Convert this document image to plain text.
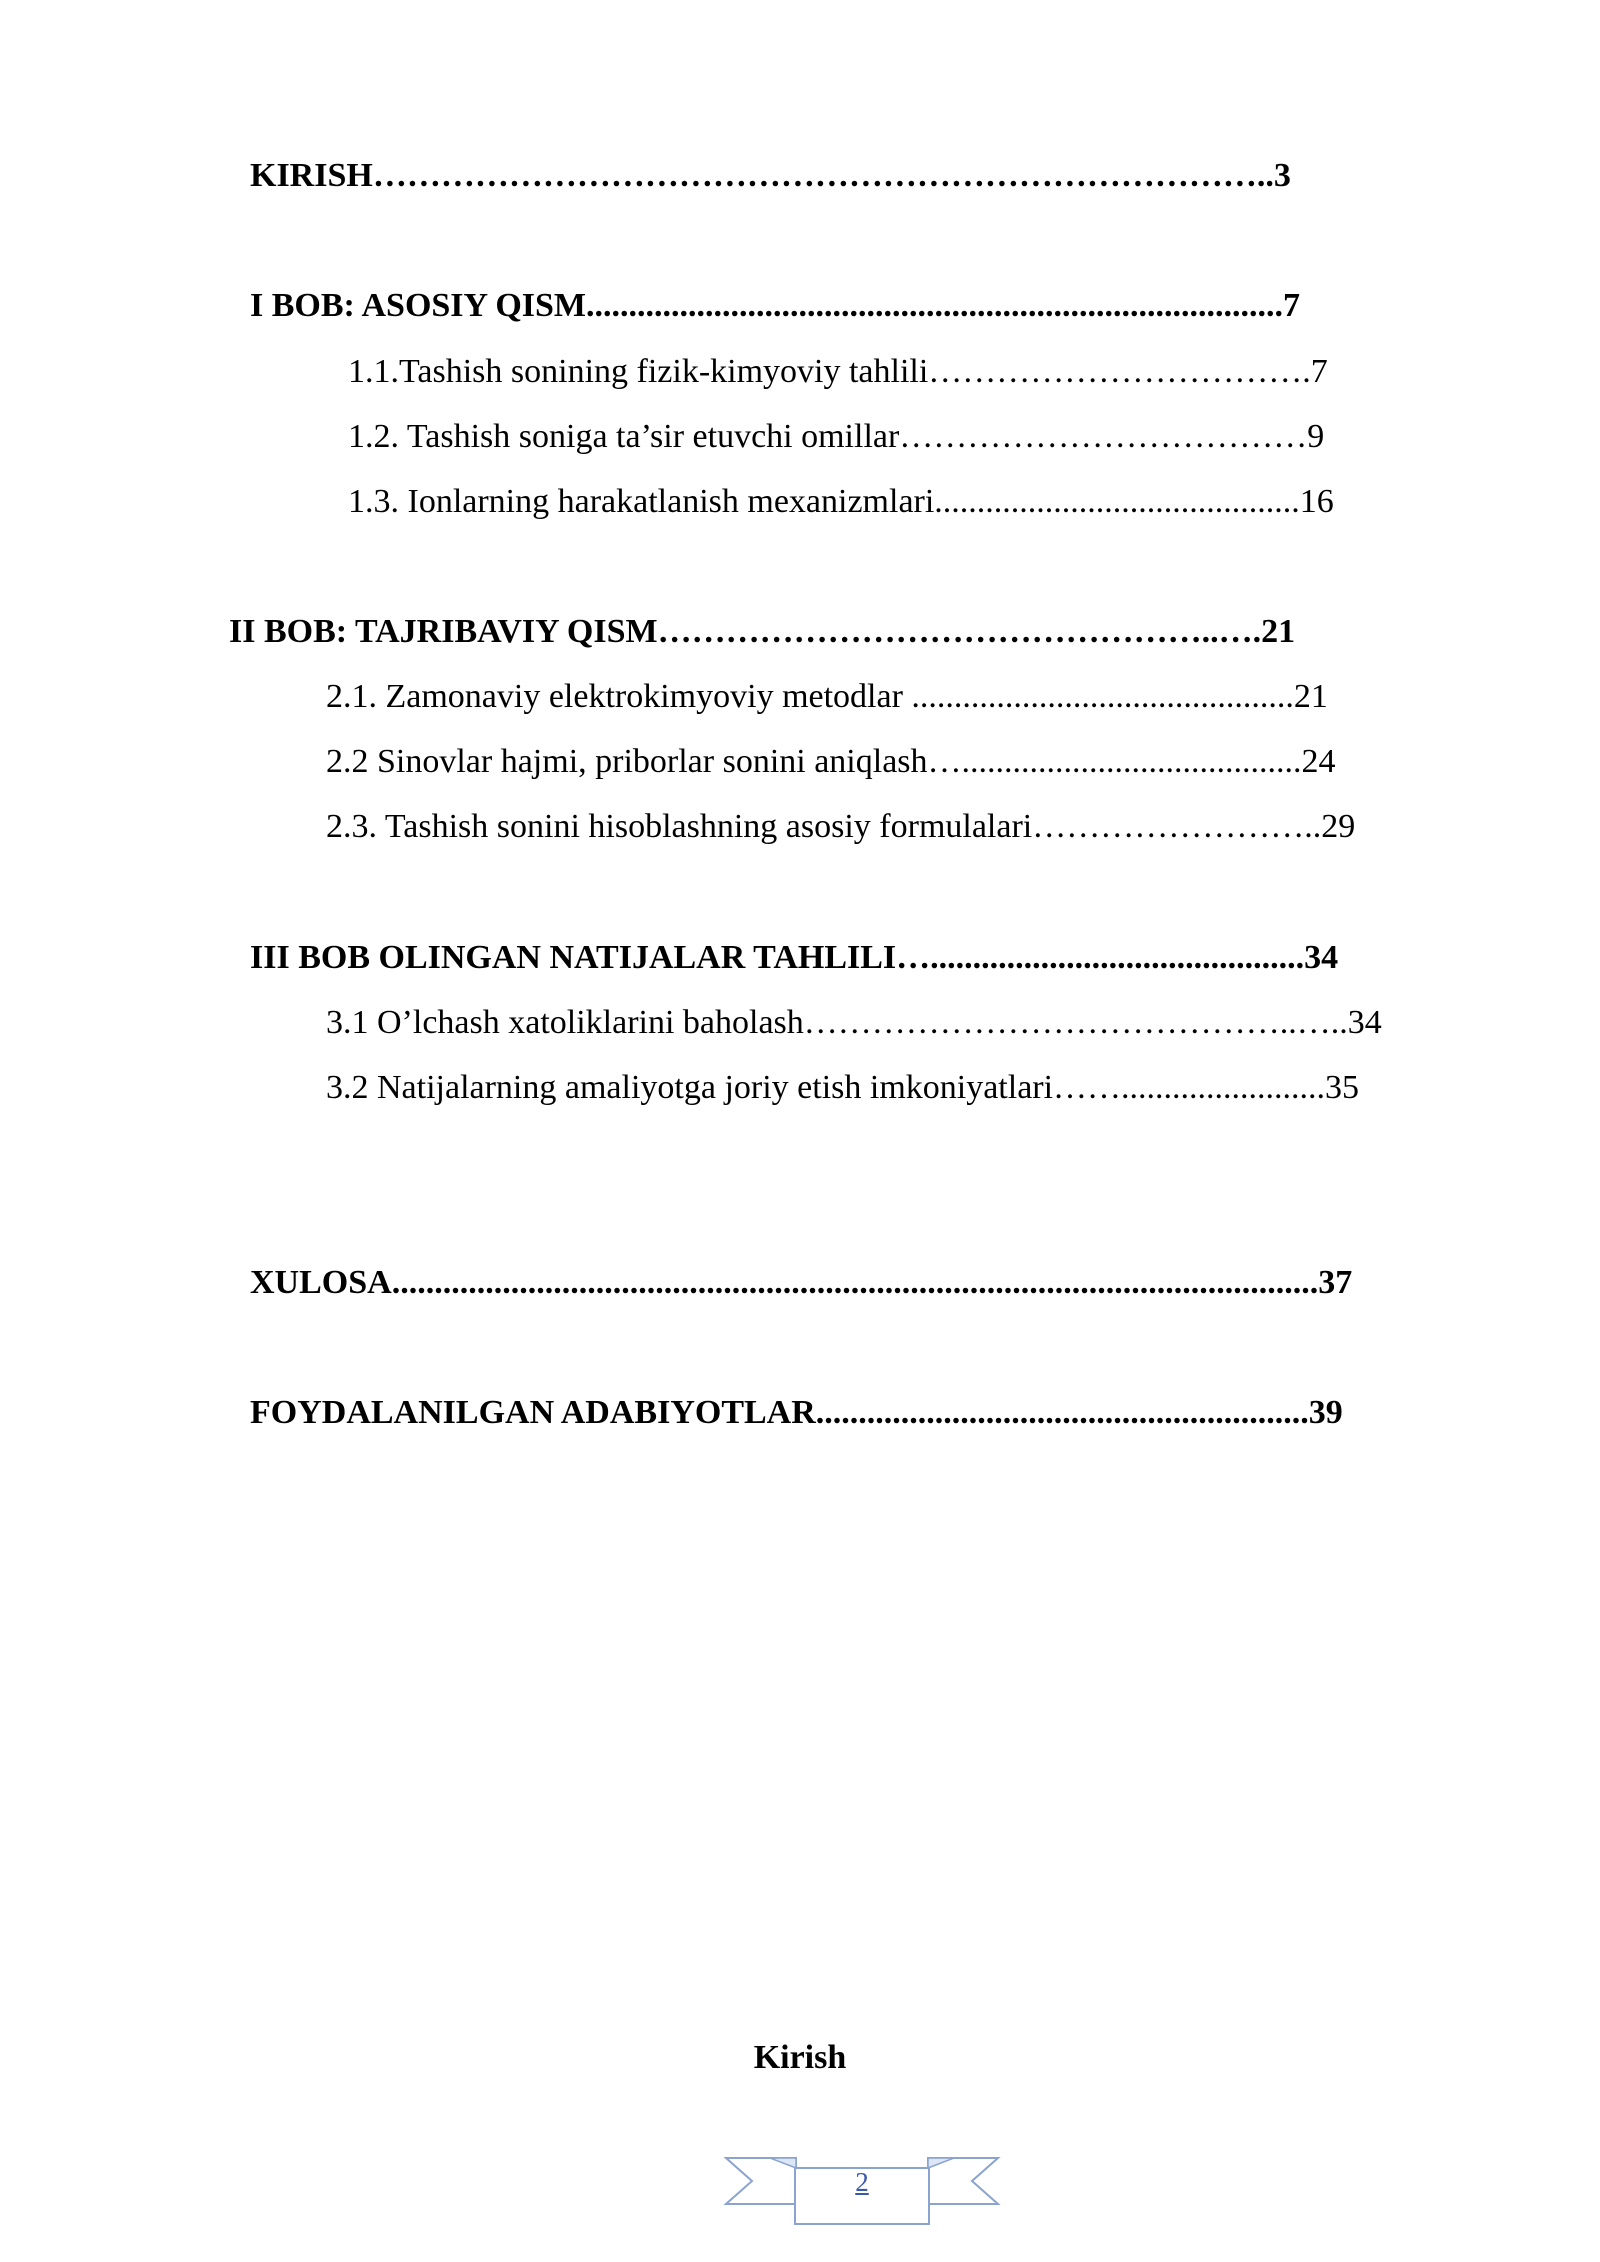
KIRISH……………………………………………………………………..3
I BOB: ASOSIY QISM..................................................................................7
1.1.Tashish sonining fizik-kimyoviy tahlili…………………………….7
1.2. Tashish soniga ta’sir etuvchi omillar………………………………9
1.3. Ionlarning harakatlanish mexanizmlari...........................................16
II BOB: TAJRIBAVIY QISM…………………………………………..….21
2.1. Zamonaviy elektrokimyoviy metodlar .............................................21
2.2 Sinovlar hajmi, priborlar sonini aniqlash…........................................24
2.3. Tashish sonini hisoblashning asosiy formulalari……………………..29
III BOB OLINGAN NATIJALAR TAHLILI…............................................34
3.1 O’lchash xatoliklarini baholash……………………………………..…..34
3.2 Natijalarning amaliyotga joriy etish imkoniyatlari……........................35
XULOSA.............................................................................................................37
FOYDALANILGAN ADABIYOTLAR..........................................................39
Kirish
2
